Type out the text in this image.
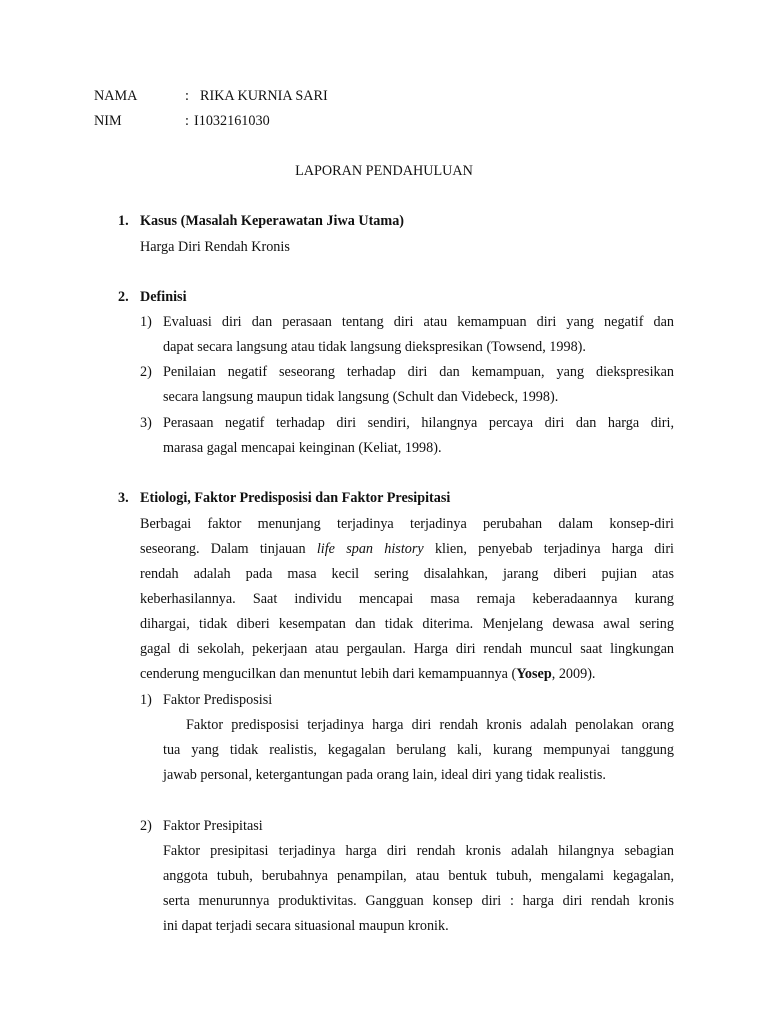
NAMA	: RIKA KURNIA SARI
NIM	: I1032161030
LAPORAN PENDAHULUAN
1. Kasus (Masalah Keperawatan Jiwa Utama)
Harga Diri Rendah Kronis
2. Definisi
1) Evaluasi diri dan perasaan tentang diri atau kemampuan diri yang negatif dan
dapat secara langsung atau tidak langsung diekspresikan (Towsend, 1998).
2) Penilaian negatif seseorang terhadap diri dan kemampuan, yang diekspresikan
secara langsung maupun tidak langsung (Schult dan Videbeck, 1998).
3) Perasaan negatif terhadap diri sendiri, hilangnya percaya diri dan harga diri,
marasa gagal mencapai keinginan (Keliat, 1998).
3. Etiologi, Faktor Predisposisi dan Faktor Presipitasi
Berbagai faktor menunjang terjadinya terjadinya perubahan dalam konsep-diri
seseorang. Dalam tinjauan life span history klien, penyebab terjadinya harga diri
rendah adalah pada masa kecil sering disalahkan, jarang diberi pujian atas
keberhasilannya. Saat individu mencapai masa remaja keberadaannya kurang
dihargai, tidak diberi kesempatan dan tidak diterima. Menjelang dewasa awal sering
gagal di sekolah, pekerjaan atau pergaulan. Harga diri rendah muncul saat lingkungan
cenderung mengucilkan dan menuntut lebih dari kemampuannya (Yosep, 2009).
1) Faktor Predisposisi
Faktor predisposisi terjadinya harga diri rendah kronis adalah penolakan orang
tua yang tidak realistis, kegagalan berulang kali, kurang mempunyai tanggung
jawab personal, ketergantungan pada orang lain, ideal diri yang tidak realistis.
2) Faktor Presipitasi
Faktor presipitasi terjadinya harga diri rendah kronis adalah hilangnya sebagian
anggota tubuh, berubahnya penampilan, atau bentuk tubuh, mengalami kegagalan,
serta menurunnya produktivitas. Gangguan konsep diri : harga diri rendah kronis
ini dapat terjadi secara situasional maupun kronik.
